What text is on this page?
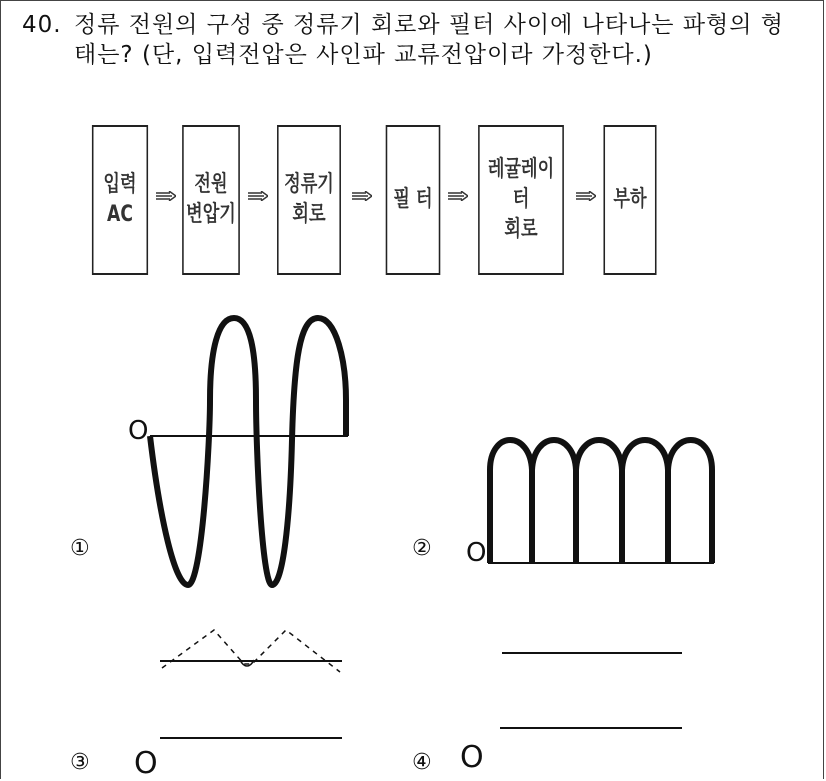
40. 정류 전원의 구성 중 정류기 회로와 필터 사이에 나타나는 파형의 형태는? (단, 입력전압은 사인파 교류전압이라 가정한다.)
입력
AC
전원
변압기
정류기
회로
필 터
레귤레이터
회로
부하
O
O
O	O
①	②
③	④
